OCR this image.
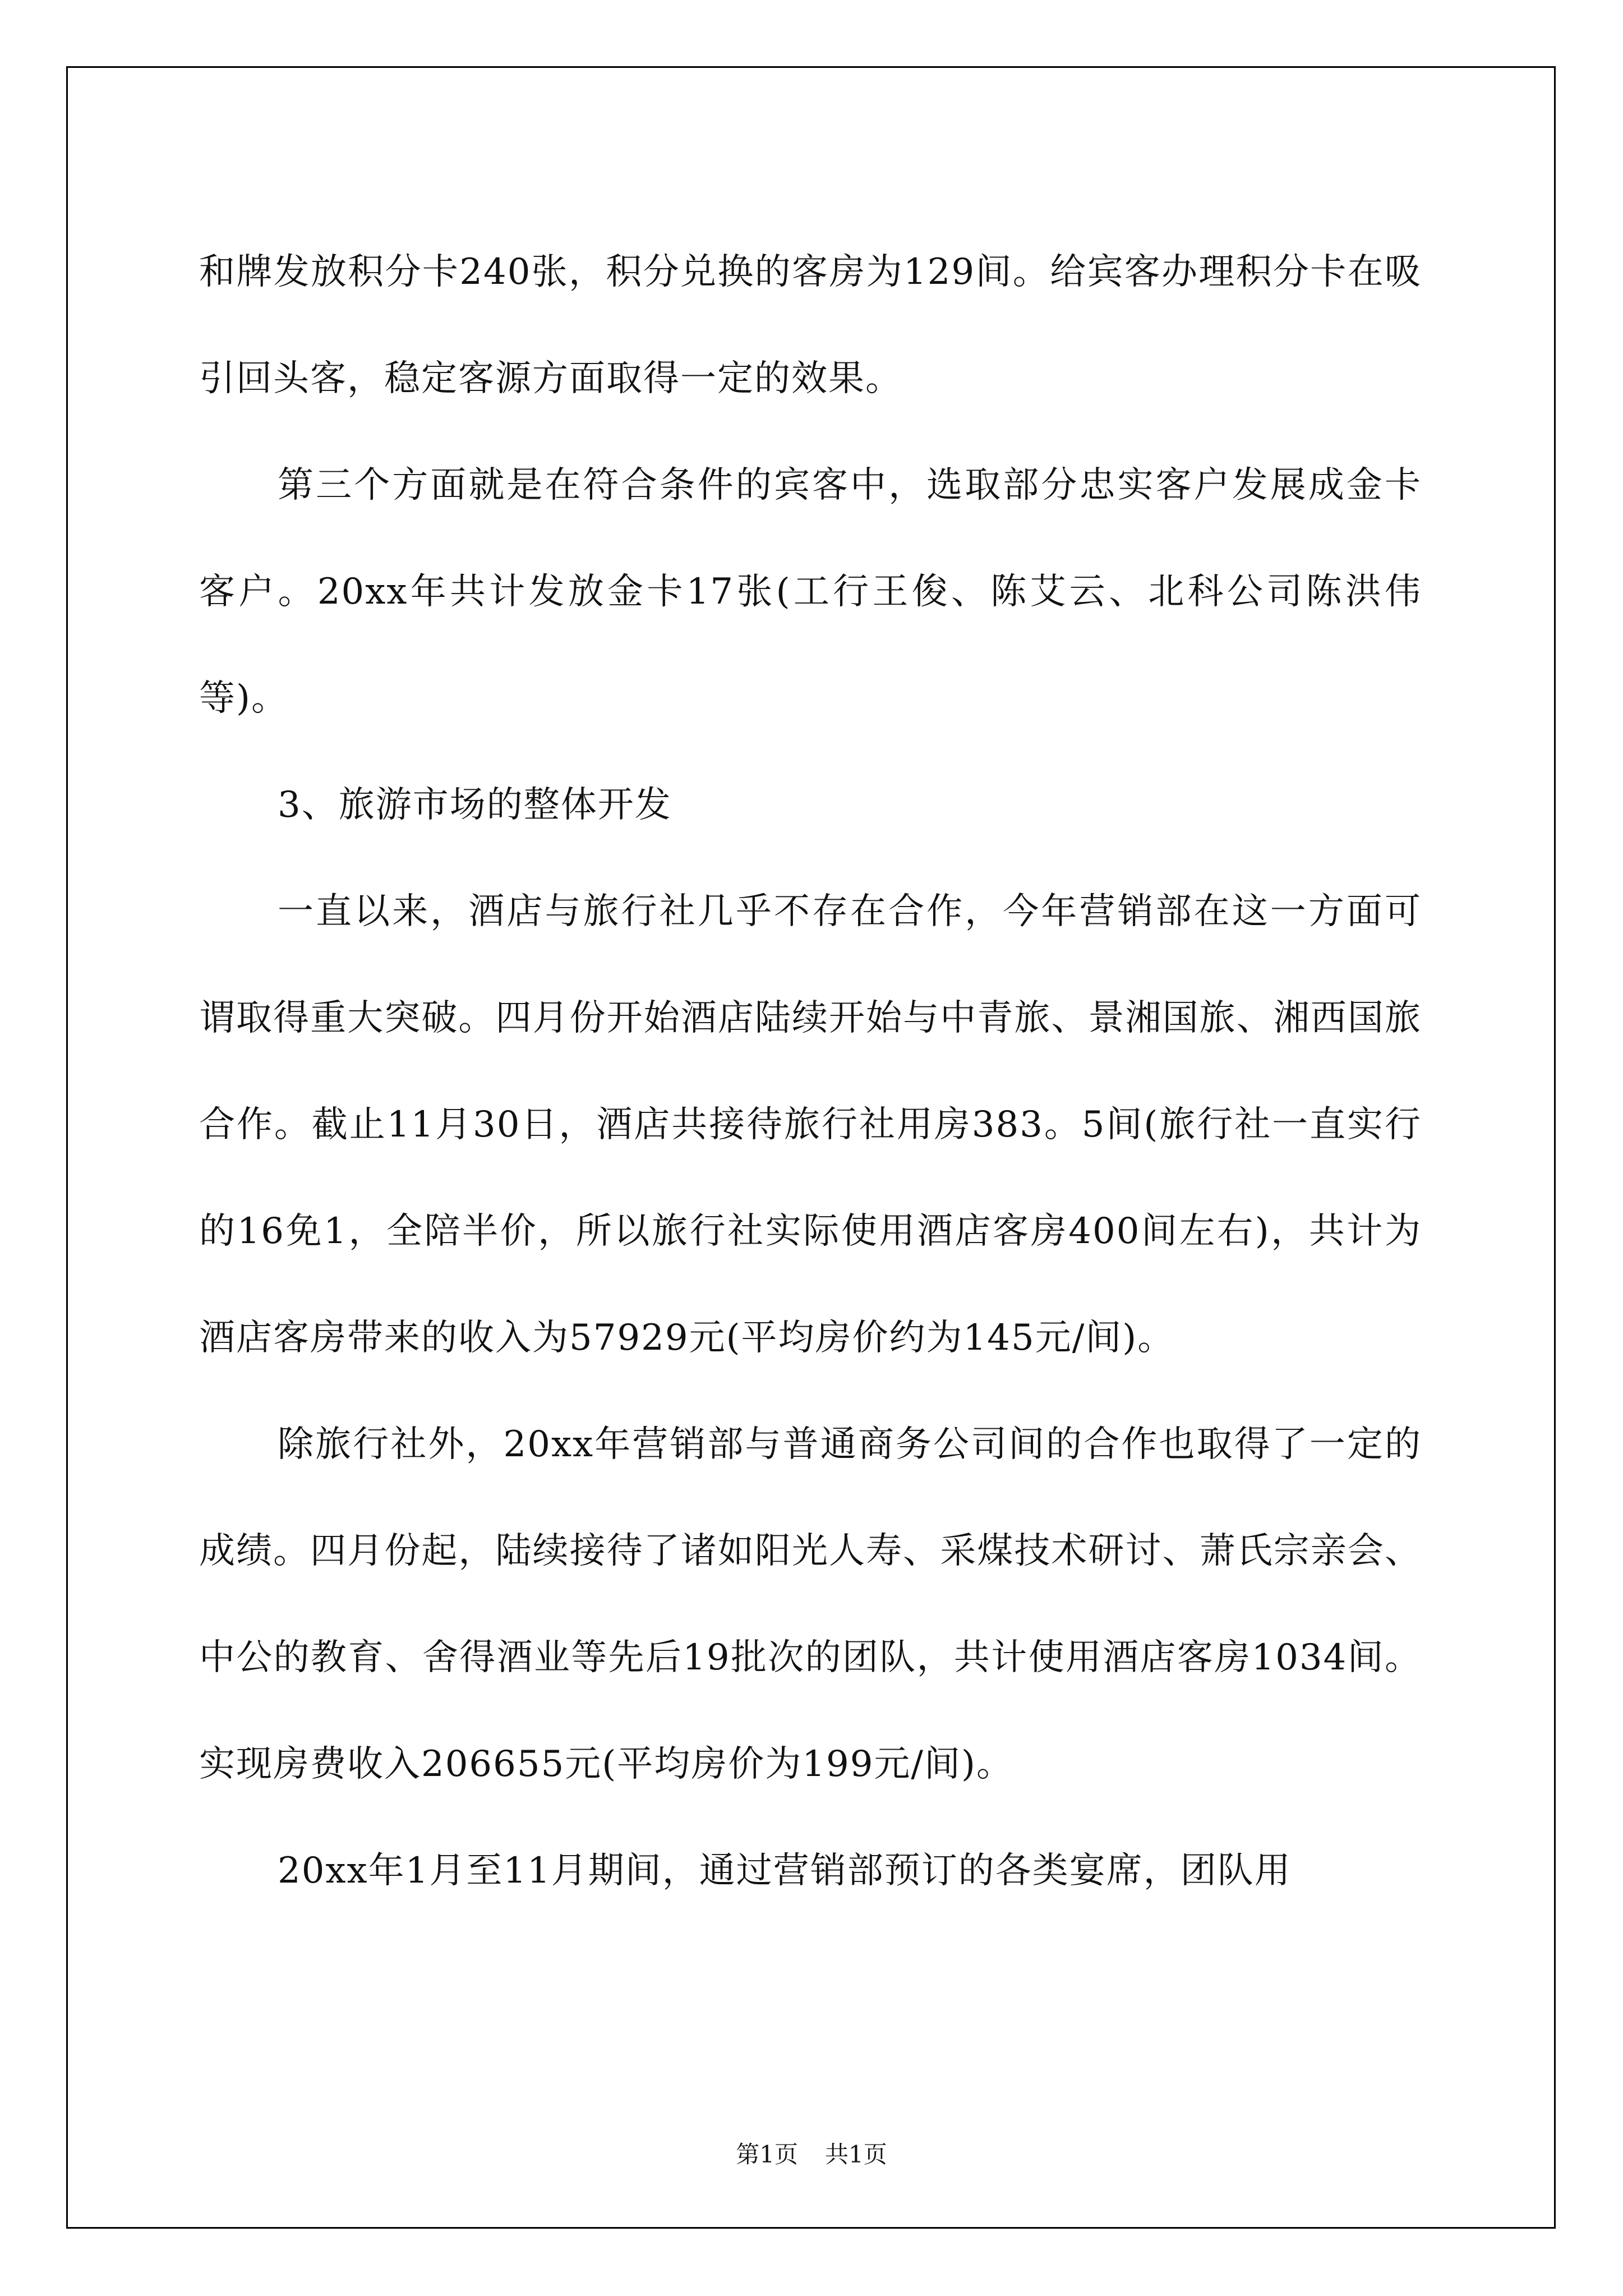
和牌发放积分卡240张，积分兑换的客房为129间。给宾客办理积分卡在吸引回头客，稳定客源方面取得一定的效果。

第三个方面就是在符合条件的宾客中，选取部分忠实客户发展成金卡客户。20xx年共计发放金卡17张(工行王俊、陈艾云、北科公司陈洪伟等)。

3、旅游市场的整体开发

一直以来，酒店与旅行社几乎不存在合作，今年营销部在这一方面可谓取得重大突破。四月份开始酒店陆续开始与中青旅、景湘国旅、湘西国旅合作。截止11月30日，酒店共接待旅行社用房383。5间(旅行社一直实行的16免1，全陪半价，所以旅行社实际使用酒店客房400间左右)，共计为酒店客房带来的收入为57929元(平均房价约为145元/间)。

除旅行社外，20xx年营销部与普通商务公司间的合作也取得了一定的成绩。四月份起，陆续接待了诸如阳光人寿、采煤技术研讨、萧氏宗亲会、中公的教育、舍得酒业等先后19批次的团队，共计使用酒店客房1034间。实现房费收入206655元(平均房价为199元/间)。

20xx年1月至11月期间，通过营销部预订的各类宴席，团队用

第1页 共1页
